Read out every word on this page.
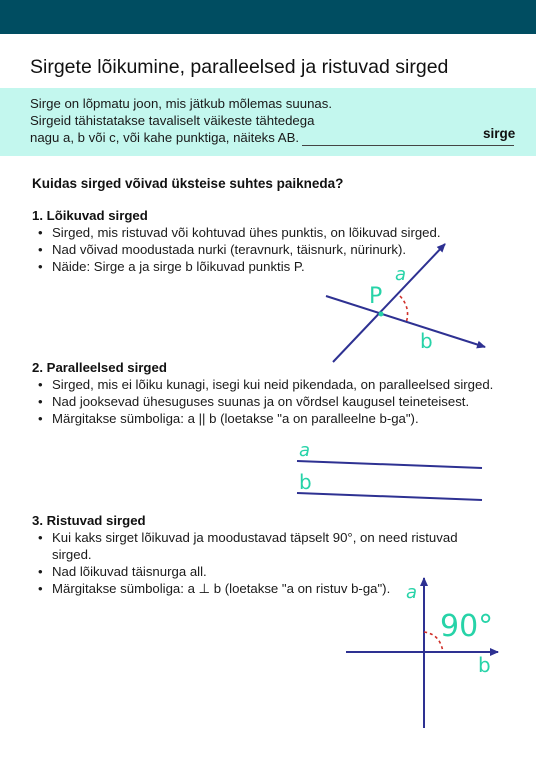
Sirgete lõikumine, paralleelsed ja ristuvad sirged
Sirge on lõpmatu joon, mis jätkub mõlemas suunas.
Sirgeid tähistatakse tavaliselt väikeste tähtedega
nagu a, b või c, või kahe punktiga, näiteks AB.	sirge
Kuidas sirged võivad üksteise suhtes paikneda?
1. Lõikuvad sirged
• Sirged, mis ristuvad või kohtuvad ühes punktis, on lõikuvad sirged.
• Nad võivad moodustada nurki (teravnurk, täisnurk, nürinurk).
• Näide: Sirge a ja sirge b lõikuvad punktis P.
2. Paralleelsed sirged
• Sirged, mis ei lõiku kunagi, isegi kui neid pikendada, on paralleelsed sirged.
• Nad jooksevad ühesuguses suunas ja on võrdsel kaugusel teineteisest.
• Märgitakse sümboliga: a || b (loetakse "a on paralleelne b-ga").
3. Ristuvad sirged
• Kui kaks sirget lõikuvad ja moodustavad täpselt 90°, on need ristuvad sirged.
• Nad lõikuvad täisnurga all.
• Märgitakse sümboliga: a ⊥ b (loetakse "a on ristuv b-ga").
P
a
b
a
b
a
b
90°
